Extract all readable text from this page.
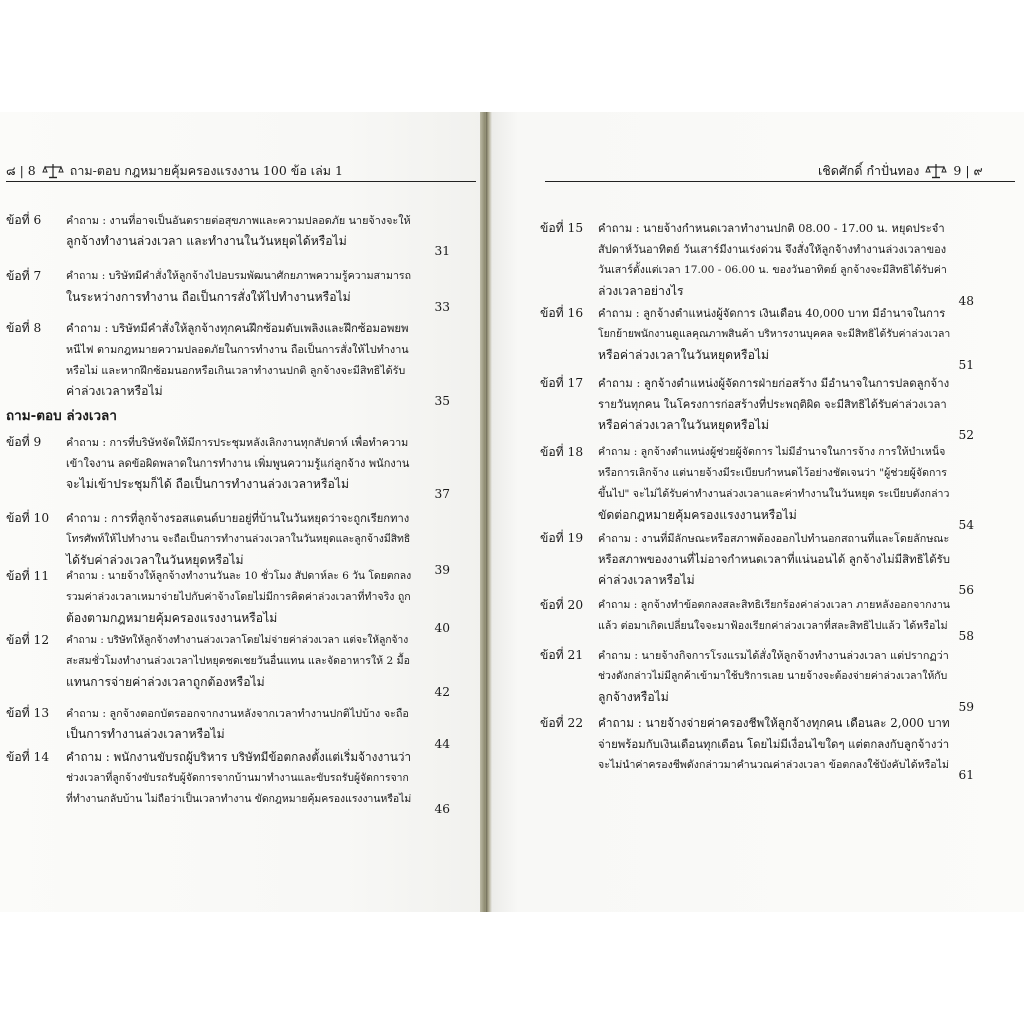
๘ | 8	ถาม-ตอบ กฎหมายคุ้มครองแรงงาน 100 ข้อ เล่ม 1	เชิดศักดิ์ กำปั่นทอง	9 | ๙
ถาม-ตอบ ล่วงเวลา
ข้อที่ 6 คำถาม : งานที่อาจเป็นอันตรายต่อสุขภาพและความปลอดภัย นายจ้างจะให้
ลูกจ้างทำงานล่วงเวลา และทำงานในวันหยุดได้หรือไม่
31
ข้อที่ 7 คำถาม : บริษัทมีคำสั่งให้ลูกจ้างไปอบรมพัฒนาศักยภาพความรู้ความสามารถ
ในระหว่างการทำงาน ถือเป็นการสั่งให้ไปทำงานหรือไม่
33
ข้อที่ 8 คำถาม : บริษัทมีคำสั่งให้ลูกจ้างทุกคนฝึกซ้อมดับเพลิงและฝึกซ้อมอพยพ
หนีไฟ ตามกฎหมายความปลอดภัยในการทำงาน ถือเป็นการสั่งให้ไปทำงาน
หรือไม่ และหากฝึกซ้อมนอกหรือเกินเวลาทำงานปกติ ลูกจ้างจะมีสิทธิได้รับ
ค่าล่วงเวลาหรือไม่
35
ข้อที่ 9 คำถาม : การที่บริษัทจัดให้มีการประชุมหลังเลิกงานทุกสัปดาห์ เพื่อทำความ
เข้าใจงาน ลดข้อผิดพลาดในการทำงาน เพิ่มพูนความรู้แก่ลูกจ้าง พนักงาน
จะไม่เข้าประชุมก็ได้ ถือเป็นการทำงานล่วงเวลาหรือไม่
37
ข้อที่ 10 คำถาม : การที่ลูกจ้างรอสแตนด์บายอยู่ที่บ้านในวันหยุดว่าจะถูกเรียกทาง
โทรศัพท์ให้ไปทำงาน จะถือเป็นการทำงานล่วงเวลาในวันหยุดและลูกจ้างมีสิทธิ
ได้รับค่าล่วงเวลาในวันหยุดหรือไม่
39
ข้อที่ 11 คำถาม : นายจ้างให้ลูกจ้างทำงานวันละ 10 ชั่วโมง สัปดาห์ละ 6 วัน โดยตกลง
รวมค่าล่วงเวลาเหมาจ่ายไปกับค่าจ้างโดยไม่มีการคิดค่าล่วงเวลาที่ทำจริง ถูก
ต้องตามกฎหมายคุ้มครองแรงงานหรือไม่
40
ข้อที่ 12 คำถาม : บริษัทให้ลูกจ้างทำงานล่วงเวลาโดยไม่จ่ายค่าล่วงเวลา แต่จะให้ลูกจ้าง
สะสมชั่วโมงทำงานล่วงเวลาไปหยุดชดเชยวันอื่นแทน และจัดอาหารให้ 2 มื้อ
แทนการจ่ายค่าล่วงเวลาถูกต้องหรือไม่
42
ข้อที่ 13 คำถาม : ลูกจ้างตอกบัตรออกจากงานหลังจากเวลาทำงานปกติไปบ้าง จะถือ
เป็นการทำงานล่วงเวลาหรือไม่
44
ข้อที่ 14 คำถาม : พนักงานขับรถผู้บริหาร บริษัทมีข้อตกลงตั้งแต่เริ่มจ้างงานว่า
ช่วงเวลาที่ลูกจ้างขับรถรับผู้จัดการจากบ้านมาทำงานและขับรถรับผู้จัดการจาก
ที่ทำงานกลับบ้าน ไม่ถือว่าเป็นเวลาทำงาน ขัดกฎหมายคุ้มครองแรงงานหรือไม่
46
ข้อที่ 15 คำถาม : นายจ้างกำหนดเวลาทำงานปกติ 08.00 - 17.00 น. หยุดประจำ
สัปดาห์วันอาทิตย์ วันเสาร์มีงานเร่งด่วน จึงสั่งให้ลูกจ้างทำงานล่วงเวลาของ
วันเสาร์ตั้งแต่เวลา 17.00 - 06.00 น. ของวันอาทิตย์ ลูกจ้างจะมีสิทธิได้รับค่า
ล่วงเวลาอย่างไร
48
ข้อที่ 16 คำถาม : ลูกจ้างตำแหน่งผู้จัดการ เงินเดือน 40,000 บาท มีอำนาจในการ
โยกย้ายพนักงานดูแลคุณภาพสินค้า บริหารงานบุคคล จะมีสิทธิได้รับค่าล่วงเวลา
หรือค่าล่วงเวลาในวันหยุดหรือไม่
51
ข้อที่ 17 คำถาม : ลูกจ้างตำแหน่งผู้จัดการฝ่ายก่อสร้าง มีอำนาจในการปลดลูกจ้าง
รายวันทุกคน ในโครงการก่อสร้างที่ประพฤติผิด จะมีสิทธิได้รับค่าล่วงเวลา
หรือค่าล่วงเวลาในวันหยุดหรือไม่
52
ข้อที่ 18 คำถาม : ลูกจ้างตำแหน่งผู้ช่วยผู้จัดการ ไม่มีอำนาจในการจ้าง การให้บำเหน็จ
หรือการเลิกจ้าง แต่นายจ้างมีระเบียบกำหนดไว้อย่างชัดเจนว่า "ผู้ช่วยผู้จัดการ
ขึ้นไป" จะไม่ได้รับค่าทำงานล่วงเวลาและค่าทำงานในวันหยุด ระเบียบดังกล่าว
ขัดต่อกฎหมายคุ้มครองแรงงานหรือไม่
54
ข้อที่ 19 คำถาม : งานที่มีลักษณะหรือสภาพต้องออกไปทำนอกสถานที่และโดยลักษณะ
หรือสภาพของงานที่ไม่อาจกำหนดเวลาที่แน่นอนได้ ลูกจ้างไม่มีสิทธิได้รับ
ค่าล่วงเวลาหรือไม่
56
ข้อที่ 20 คำถาม : ลูกจ้างทำข้อตกลงสละสิทธิเรียกร้องค่าล่วงเวลา ภายหลังออกจากงาน
แล้ว ต่อมาเกิดเปลี่ยนใจจะมาฟ้องเรียกค่าล่วงเวลาที่สละสิทธิไปแล้ว ได้หรือไม่
58
ข้อที่ 21 คำถาม : นายจ้างกิจการโรงแรมได้สั่งให้ลูกจ้างทำงานล่วงเวลา แต่ปรากฏว่า
ช่วงดังกล่าวไม่มีลูกค้าเข้ามาใช้บริการเลย นายจ้างจะต้องจ่ายค่าล่วงเวลาให้กับ
ลูกจ้างหรือไม่
59
ข้อที่ 22 คำถาม : นายจ้างจ่ายค่าครองชีพให้ลูกจ้างทุกคน เดือนละ 2,000 บาท
จ่ายพร้อมกับเงินเดือนทุกเดือน โดยไม่มีเงื่อนไขใดๆ แต่ตกลงกับลูกจ้างว่า
จะไม่นำค่าครองชีพดังกล่าวมาคำนวณค่าล่วงเวลา ข้อตกลงใช้บังคับได้หรือไม่
61
